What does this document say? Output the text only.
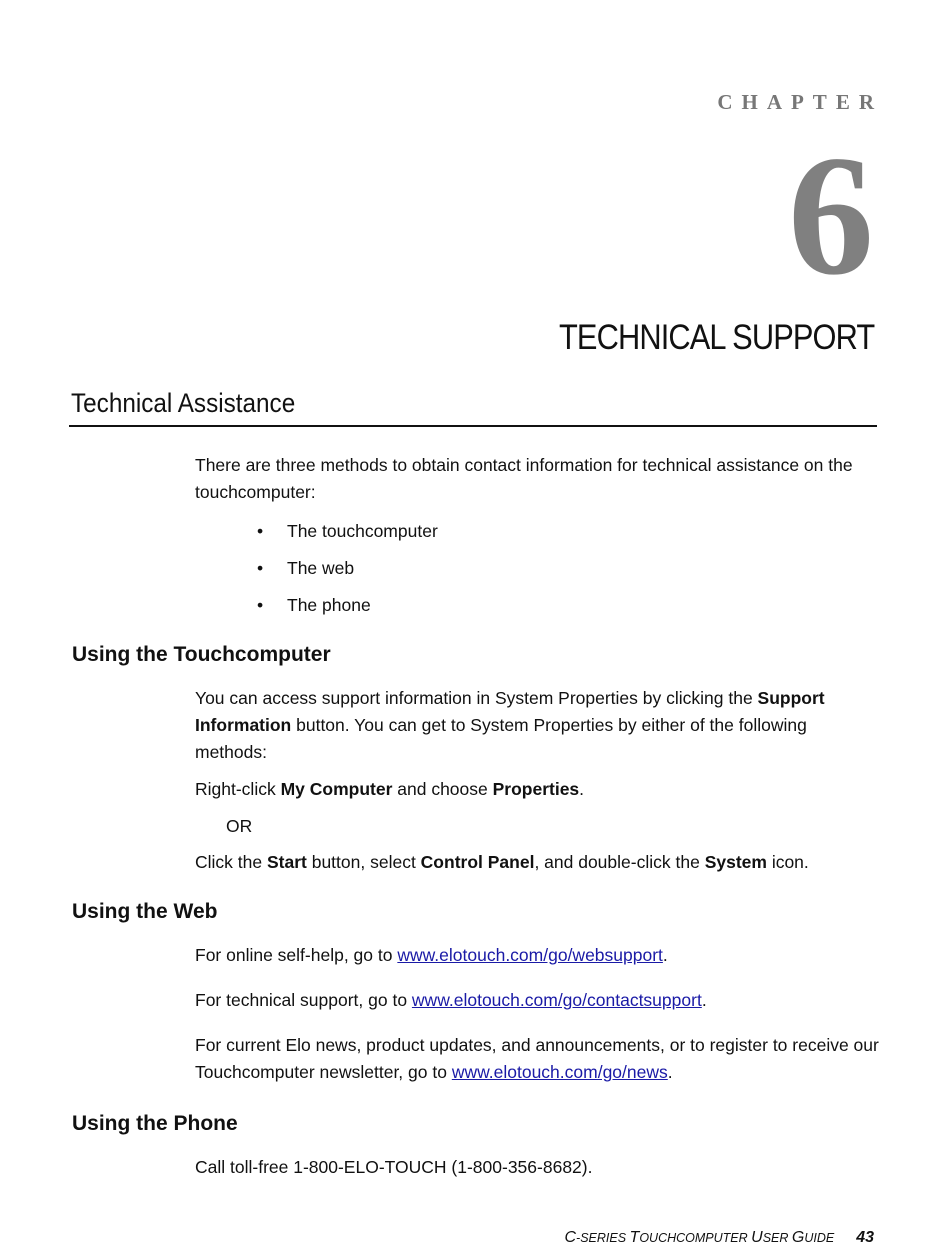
CHAPTER
6
TECHNICAL SUPPORT
Technical Assistance
There are three methods to obtain contact information for technical assistance on the touchcomputer:
• The touchcomputer
• The web
• The phone
Using the Touchcomputer
You can access support information in System Properties by clicking the Support Information button. You can get to System Properties by either of the following methods:
Right-click My Computer and choose Properties.
OR
Click the Start button, select Control Panel, and double-click the System icon.
Using the Web
For online self-help, go to www.elotouch.com/go/websupport.
For technical support, go to www.elotouch.com/go/contactsupport.
For current Elo news, product updates, and announcements, or to register to receive our Touchcomputer newsletter, go to www.elotouch.com/go/news.
Using the Phone
Call toll-free 1-800-ELO-TOUCH (1-800-356-8682).
C-SERIES TOUCHCOMPUTER USER GUIDE 43
